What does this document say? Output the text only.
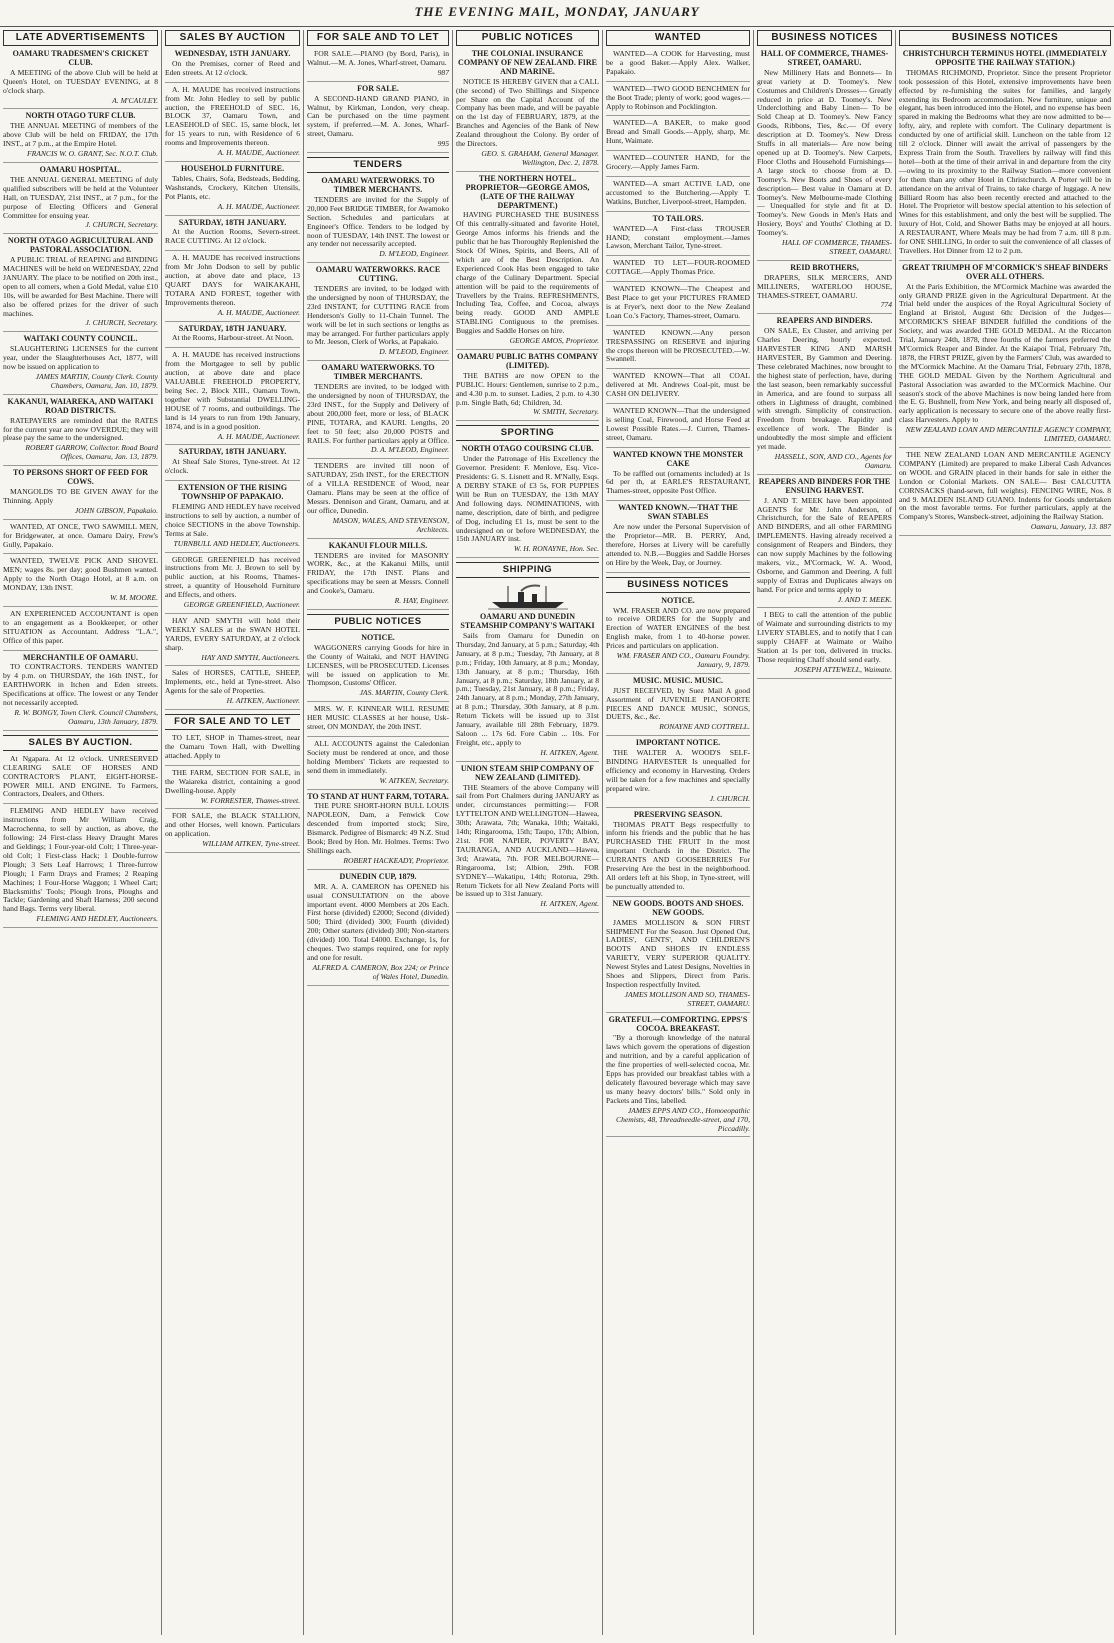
THE EVENING MAIL, MONDAY, JANUARY
LATE ADVERTISEMENTS
OAMARU TRADESMEN'S CRICKET CLUB.

A MEETING of the above Club will be held at Queen's Hotel, on TUESDAY EVENING, at 8 o'clock sharp.

A. M'CAULEY.

NORTH OTAGO TURF CLUB.

THE ANNUAL MEETING of members of the above Club will be held on FRIDAY, the 17th INST., at 7 p.m., at the Empire Hotel.

FRANCIS W. O. GRANT, Sec. N.O.T. Club.

OAMARU HOSPITAL.

THE ANNUAL GENERAL MEETING of duly qualified subscribers will be held at the Volunteer Hall, on TUESDAY, 21st INST., at 7 p.m., for the purpose of Electing Officers and General Committee for ensuing year.

J. CHURCH, Secretary.

NORTH OTAGO AGRICULTURAL AND PASTORAL ASSOCIATION.

A PUBLIC TRIAL of REAPING and BINDING MACHINES will be held on WEDNESDAY, 22nd JANUARY. The place to be notified on 20th inst., open to all comers, when a Gold Medal, value £10 10s, will be awarded for Best Machine. There will also be offered prizes for the driver of such machines.

J. CHURCH, Secretary.

WAITAKI COUNTY COUNCIL.

SLAUGHTERING LICENSES for the current year, under the Slaughterhouses Act, 1877, will now be issued on application to

JAMES MARTIN, County Clerk. County Chambers, Oamaru, Jan. 10, 1879.

KAKANUI, WAIAREKA, AND WAITAKI ROAD DISTRICTS.

RATEPAYERS are reminded that the RATES for the current year are now OVERDUE; they will please pay the same to the undersigned.

ROBERT GARROW, Collector. Road Board Offices, Oamaru, Jan. 13, 1879.

TO PERSONS SHORT OF FEED FOR COWS.

MANGOLDS TO BE GIVEN AWAY for the Thinning. Apply

JOHN GIBSON, Papakaio.

WANTED, AT ONCE, TWO SAWMILL MEN, for Bridgewater, at once. Oamaru Dairy, Frew's Gully, Papakaio.

WANTED, TWELVE PICK AND SHOVEL MEN; wages 8s. per day; good Bushmen wanted. Apply to the North Otago Hotel, at 8 a.m. on MONDAY, 13th INST.

W. M. MOORE.

AN EXPERIENCED ACCOUNTANT is open to an engagement as a Bookkeeper, or other SITUATION as Accountant. Address "L.A.", Office of this paper.

MERCHANTILE OF OAMARU.

TO CONTRACTORS. TENDERS WANTED by 4 p.m. on THURSDAY, the 16th INST., for EARTHWORK in Itchen and Eden streets. Specifications at office. The lowest or any Tender not necessarily accepted.

R. W. BONGY, Town Clerk. Council Chambers, Oamaru, 13th January, 1879.

SALES BY AUCTION.

At Ngapara. At 12 o'clock. UNRESERVED CLEARING SALE OF HORSES AND CONTRACTOR'S PLANT, EIGHT-HORSE-POWER MILL AND ENGINE. To Farmers, Contractors, Dealers, and Others.

FLEMING AND HEDLEY have received instructions from Mr William Craig, Macrochenna, to sell by auction, as above, the following: 24 First-class Heavy Draught Mares and Geldings; 1 Four-year-old Colt; 1 Three-year-old Colt; 1 First-class Hack; 1 Double-furrow Plough; 3 Sets Leaf Harrows; 1 Three-furrow Plough; 1 Farm Drays and Frames; 2 Reaping Machines; 1 Four-Horse Waggon; 1 Wheel Cart; Blacksmiths' Tools; Plough Irons, Ploughs and Tackle; Gardening and Shaft Harness; 200 second hand Bags. Terms very liberal.

FLEMING AND HEDLEY, Auctioneers.

SALES BY AUCTION
WEDNESDAY, 15TH JANUARY.

On the Premises, corner of Reed and Eden streets. At 12 o'clock.

A. H. MAUDE has received instructions from Mr. John Hedley to sell by public auction, the FREEHOLD of SEC. 16, BLOCK 37, Oamaru Town, and LEASEHOLD of SEC. 15, same block, let for 15 years to run, with Residence of 6 rooms and Improvements thereon.

A. H. MAUDE, Auctioneer.

HOUSEHOLD FURNITURE.

Tables, Chairs, Sofa, Bedsteads, Bedding, Washstands, Crockery, Kitchen Utensils, Pot Plants, etc.

A. H. MAUDE, Auctioneer.

SATURDAY, 18TH JANUARY.

At the Auction Rooms, Severn-street. RACE CUTTING. At 12 o'clock.

A. H. MAUDE has received instructions from Mr John Dodson to sell by public auction, at above date and place, 13 QUART DAYS for WAIKAKAHI, TOTARA AND FOREST, together with Improvements thereon.

A. H. MAUDE, Auctioneer.

SATURDAY, 18TH JANUARY.

At the Rooms, Harbour-street. At Noon.

A. H. MAUDE has received instructions from the Mortgagee to sell by public auction, at above date and place VALUABLE FREEHOLD PROPERTY, being Sec. 2, Block XIII., Oamaru Town, together with Substantial DWELLING-HOUSE of 7 rooms, and outbuildings. The land is 14 years to run from 19th January, 1874, and is in a good position.

A. H. MAUDE, Auctioneer.

SATURDAY, 18TH JANUARY.

At Sheaf Sale Stores, Tyne-street. At 12 o'clock.

EXTENSION OF THE RISING TOWNSHIP OF PAPAKAIO.

FLEMING AND HEDLEY have received instructions to sell by auction, a number of choice SECTIONS in the above Township. Terms at Sale.

TURNBULL AND HEDLEY, Auctioneers.

GEORGE GREENFIELD has received instructions from Mr. J. Brown to sell by public auction, at his Rooms, Thames-street, a quantity of Household Furniture and Effects, and others.

GEORGE GREENFIELD, Auctioneer.

HAY AND SMYTH will hold their WEEKLY SALES at the SWAN HOTEL YARDS, EVERY SATURDAY, at 2 o'clock sharp.

HAY AND SMYTH, Auctioneers.

Sales of HORSES, CATTLE, SHEEP, Implements, etc., held at Tyne-street. Also Agents for the sale of Properties.

H. AITKEN, Auctioneer.

FOR SALE AND TO LET

TO LET, SHOP in Thames-street, near the Oamaru Town Hall, with Dwelling attached. Apply to

THE FARM, SECTION FOR SALE, in the Waiareka district, containing a good Dwelling-house. Apply

W. FORRESTER, Thames-street.

FOR SALE, the BLACK STALLION, and other Horses, well known. Particulars on application.

WILLIAM AITKEN, Tyne-street.

FOR SALE AND TO LET

FOR SALE.—PIANO (by Bord, Paris), in Walnut.—M. A. Jones, Wharf-street, Oamaru.

987

FOR SALE.

A SECOND-HAND GRAND PIANO, in Walnut, by Kirkman, London, very cheap. Can be purchased on the time payment system, if preferred.—M. A. Jones, Wharf-street, Oamaru.

995

TENDERS
OAMARU WATERWORKS. TO TIMBER MERCHANTS.

TENDERS are invited for the Supply of 20,000 Feet BRIDGE TIMBER, for Awamoko Section. Schedules and particulars at Engineer's Office. Tenders to be lodged by noon of TUESDAY, 14th INST. The lowest or any tender not necessarily accepted.

D. M'LEOD, Engineer.

OAMARU WATERWORKS. RACE CUTTING.

TENDERS are invited, to be lodged with the undersigned by noon of THURSDAY, the 23rd INSTANT, for CUTTING RACE from Henderson's Gully to 11-Chain Tunnel. The work will be let in such sections or lengths as may be arranged. For further particulars apply to Mr. Jeeson, Clerk of Works, at Papakaio.

D. M'LEOD, Engineer.

OAMARU WATERWORKS. TO TIMBER MERCHANTS.

TENDERS are invited, to be lodged with the undersigned by noon of THURSDAY, the 23rd INST., for the Supply and Delivery of about 200,000 feet, more or less, of BLACK PINE, TOTARA, and KAURI. Lengths, 20 feet to 50 feet; also 20,000 POSTS and RAILS. For further particulars apply at Office.

D. A. M'LEOD, Engineer.

TENDERS are invited till noon of SATURDAY, 25th INST., for the ERECTION of a VILLA RESIDENCE of Wood, near Oamaru. Plans may be seen at the office of Messrs. Dennison and Grant, Oamaru, and at our office, Dunedin.

MASON, WALES, AND STEVENSON, Architects.

KAKANUI FLOUR MILLS.

TENDERS are invited for MASONRY WORK, &c., at the Kakanui Mills, until FRIDAY, the 17th INST. Plans and specifications may be seen at Messrs. Connell and Cooke's, Oamaru.

R. HAY, Engineer.

PUBLIC NOTICES
NOTICE.

WAGGONERS carrying Goods for hire in the County of Waitaki, and NOT HAVING LICENSES, will be PROSECUTED. Licenses will be issued on application to Mr. Thompson, Customs' Officer.

JAS. MARTIN, County Clerk.

MRS. W. F. KINNEAR WILL RESUME HER MUSIC CLASSES at her house, Usk-street, ON MONDAY, the 20th INST.

ALL ACCOUNTS against the Caledonian Society must be rendered at once, and those holding Members' Tickets are requested to send them in immediately.

W. AITKEN, Secretary.

TO STAND AT HUNT FARM, TOTARA.

THE PURE SHORT-HORN BULL LOUIS NAPOLEON, Dam, a Fenwick Cow descended from imported stock; Sire, Bismarck. Pedigree of Bismarck: 49 N.Z. Stud Book; Bred by Hon. Mr. Holmes. Terms: Two Shillings each.

ROBERT HACKEADY, Proprietor.

DUNEDIN CUP, 1879.

MR. A. A. CAMERON has OPENED his usual CONSULTATION on the above important event. 4000 Members at 20s Each. First horse (divided) £2000; Second (divided) 500; Third (divided) 300; Fourth (divided) 200; Other starters (divided) 300; Non-starters (divided) 100. Total £4000. Exchange, 1s, for cheques. Two stamps required, one for reply and one for result.

ALFRED A. CAMERON, Box 224; or Prince of Wales Hotel, Dunedin.

PUBLIC NOTICES
THE COLONIAL INSURANCE COMPANY OF NEW ZEALAND. FIRE AND MARINE.

NOTICE IS HEREBY GIVEN that a CALL (the second) of Two Shillings and Sixpence per Share on the Capital Account of the Company has been made, and will be payable on the 1st day of FEBRUARY, 1879, at the Branches and Agencies of the Bank of New Zealand throughout the Colony. By order of the Directors.

GEO. S. GRAHAM, General Manager. Wellington, Dec. 2, 1878.

THE NORTHERN HOTEL. PROPRIETOR—GEORGE AMOS, (LATE OF THE RAILWAY DEPARTMENT.)

HAVING PURCHASED THE BUSINESS Of this centrally-situated and favorite Hotel, George Amos informs his friends and the public that he has Thoroughly Replenished the Stock Of Wines, Spirits, and Beers, All of which are of the Best Description. An Experienced Cook Has been engaged to take charge of the Culinary Department. Special attention will be paid to the requirements of Travellers by the Trains. REFRESHMENTS, Including Tea, Coffee, and Cocoa, always being ready. GOOD AND AMPLE STABLING Contiguous to the premises. Buggies and Saddle Horses on hire.

GEORGE AMOS, Proprietor.

OAMARU PUBLIC BATHS COMPANY (LIMITED).

THE BATHS are now OPEN to the PUBLIC. Hours: Gentlemen, sunrise to 2 p.m., and 4.30 p.m. to sunset. Ladies, 2 p.m. to 4.30 p.m. Single Bath, 6d; Children, 3d.

W. SMITH, Secretary.

SPORTING
NORTH OTAGO COURSING CLUB.

Under the Patronage of His Excellency the Governor. President: F. Menlove, Esq. Vice-Presidents: G. S. Lisnett and R. M'Nally, Esqs. A DERBY STAKE of £3 5s, FOR PUPPIES Will be Run on TUESDAY, the 13th MAY And following days. NOMINATIONS, with name, description, date of birth, and pedigree of Dog, including £1 1s, must be sent to the undersigned on or before WEDNESDAY, the 15th JANUARY inst.

W. H. RONAYNE, Hon. Sec.

SHIPPING
OAMARU AND DUNEDIN STEAMSHIP COMPANY'S WAITAKI

Sails from Oamaru for Dunedin on Thursday, 2nd January, at 5 p.m.; Saturday, 4th January, at 8 p.m.; Tuesday, 7th January, at 8 p.m.; Friday, 10th January, at 8 p.m.; Monday, 13th January, at 8 p.m.; Thursday, 16th January, at 8 p.m.; Saturday, 18th January, at 8 p.m.; Tuesday, 21st January, at 8 p.m.; Friday, 24th January, at 8 p.m.; Monday, 27th January, at 8 p.m.; Thursday, 30th January, at 8 p.m. Return Tickets will be issued up to 31st January, available till 28th February, 1879. Saloon ... 17s 6d. Fore Cabin ... 10s. For Freight, etc., apply to

H. AITKEN, Agent.

UNION STEAM SHIP COMPANY OF NEW ZEALAND (LIMITED).

THE Steamers of the above Company will sail from Port Chalmers during JANUARY as under, circumstances permitting:— FOR LYTTELTON AND WELLINGTON—Hawea, 30th; Arawata, 7th; Wanaka, 10th; Waitaki, 14th; Ringarooma, 15th; Taupo, 17th; Albion, 21st. FOR NAPIER, POVERTY BAY, TAURANGA, AND AUCKLAND—Hawea, 3rd; Arawata, 7th. FOR MELBOURNE—Ringarooma, 1st; Albion, 29th. FOR SYDNEY—Wakatipu, 14th; Rotorua, 29th. Return Tickets for all New Zealand Ports will be issued up to 31st January.

H. AITKEN, Agent.

WANTED

WANTED—A COOK for Harvesting, must be a good Baker.—Apply Alex. Walker, Papakaio.

WANTED—TWO GOOD BENCHMEN for the Boot Trade; plenty of work; good wages.—Apply to Robinson and Pocklington.

WANTED—A BAKER, to make good Bread and Small Goods.—Apply, sharp, Mr. Hunt, Waimate.

WANTED—COUNTER HAND, for the Grocery.—Apply James Farm.

WANTED—A smart ACTIVE LAD, one accustomed to the Butchering.—Apply T. Watkins, Butcher, Liverpool-street, Hampden.

TO TAILORS.

WANTED—A First-class TROUSER HAND; constant employment.—James Lawson, Merchant Tailor, Tyne-street.

WANTED TO LET—FOUR-ROOMED COTTAGE.—Apply Thomas Price.

WANTED KNOWN—The Cheapest and Best Place to get your PICTURES FRAMED is at Fryer's, next door to the New Zealand Loan Co.'s Factory, Thames-street, Oamaru.

WANTED KNOWN.—Any person TRESPASSING on RESERVE and injuring the crops thereon will be PROSECUTED.—W. Swannell.

WANTED KNOWN—That all COAL delivered at Mt. Andrews Coal-pit, must be CASH ON DELIVERY.

WANTED KNOWN—That the undersigned is selling Coal, Firewood, and Horse Feed at Lowest Possible Rates.—J. Curren, Thames-street, Oamaru.

WANTED KNOWN THE MONSTER CAKE

To be raffled out (ornaments included) at 1s 6d per th, at EARLE'S RESTAURANT, Thames-street, opposite Post Office.

WANTED KNOWN.—THAT THE SWAN STABLES

Are now under the Personal Supervision of the Proprietor—MR. B. PERRY, And, therefore, Horses at Livery will be carefully attended to. N.B.—Buggies and Saddle Horses on Hire by the Week, Day, or Journey.

BUSINESS NOTICES
NOTICE.

WM. FRASER AND CO. are now prepared to receive ORDERS for the Supply and Erection of WATER ENGINES of the best English make, from 1 to 40-horse power. Prices and particulars on application.

WM. FRASER AND CO., Oamaru Foundry. January, 9, 1879.

MUSIC. MUSIC. MUSIC.

JUST RECEIVED, by Suez Mail A good Assortment of JUVENILE PIANOFORTE PIECES AND DANCE MUSIC, SONGS, DUETS, &c., &c.

RONAYNE AND COTTRELL.

IMPORTANT NOTICE.

THE WALTER A. WOOD'S SELF-BINDING HARVESTER Is unequalled for efficiency and economy in Harvesting. Orders will be taken for a few machines and specially prepared wire.

J. CHURCH.

PRESERVING SEASON.

THOMAS PRATT Begs respectfully to inform his friends and the public that he has PURCHASED THE FRUIT In the most important Orchards in the District. The CURRANTS AND GOOSEBERRIES For Preserving Are the best in the neighborhood. All orders left at his Shop, in Tyne-street, will be punctually attended to.

NEW GOODS. BOOTS AND SHOES. NEW GOODS.

JAMES MOLLISON & SON FIRST SHIPMENT For the Season. Just Opened Out, LADIES', GENTS', AND CHILDREN'S BOOTS AND SHOES IN ENDLESS VARIETY, VERY SUPERIOR QUALITY. Newest Styles and Latest Designs, Novelties in Shoes and Slippers, Direct from Paris. Inspection respectfully Invited.

JAMES MOLLISON AND SO, THAMES-STREET, OAMARU.

GRATEFUL—COMFORTING. EPPS'S COCOA. BREAKFAST.

"By a thorough knowledge of the natural laws which govern the operations of digestion and nutrition, and by a careful application of the fine properties of well-selected cocoa, Mr. Epps has provided our breakfast tables with a delicately flavoured beverage which may save us many heavy doctors' bills." Sold only in Packets and Tins, labelled.

JAMES EPPS AND CO., Homoeopathic Chemists, 48, Threadneedle-street, and 170, Piccadilly.

BUSINESS NOTICES
HALL OF COMMERCE, THAMES-STREET, OAMARU.

New Millinery Hats and Bonnets— In great variety at D. Toomey's. New Costumes and Children's Dresses— Greatly reduced in price at D. Toomey's. New Underclothing and Baby Linen— To be Sold Cheap at D. Toomey's. New Fancy Goods, Ribbons, Ties, &c.— Of every description at D. Toomey's. New Dress Stuffs in all materials— Are now being opened up at D. Toomey's. New Carpets, Floor Cloths and Household Furnishings— A large stock to choose from at D. Toomey's. New Boots and Shoes of every description— Best value in Oamaru at D. Toomey's. New Melbourne-made Clothing— Unequalled for style and fit at D. Toomey's. New Goods in Men's Hats and Hosiery, Boys' and Youths' Clothing at D. Toomey's.

HALL OF COMMERCE, THAMES-STREET, OAMARU.

REID BROTHERS,

DRAPERS, SILK MERCERS, AND MILLINERS, WATERLOO HOUSE, THAMES-STREET, OAMARU.

774

REAPERS AND BINDERS.

ON SALE, Ex Cluster, and arriving per Charles Deering, hourly expected. HARVESTER KING AND MARSH HARVESTER, By Gammon and Deering. These celebrated Machines, now brought to the highest state of perfection, have, during the last season, been remarkably successful in America, and are found to surpass all others in Lightness of draught, combined with strength. Simplicity of construction. Freedom from breakage. Rapidity and excellence of work. The Binder is undoubtedly the most simple and efficient yet made.

HASSELL, SON, AND CO., Agents for Oamaru.

REAPERS AND BINDERS FOR THE ENSUING HARVEST.

J. AND T. MEEK have been appointed AGENTS for Mr. John Anderson, of Christchurch, for the Sale of REAPERS AND BINDERS, and all other FARMING IMPLEMENTS. Having already received a consignment of Reapers and Binders, they can now supply Machines by the following makers, viz., M'Cormack, W. A. Wood, Osborne, and Gammon and Deering. A full supply of Extras and Duplicates always on hand. For price and terms apply to

J. AND T. MEEK.

I BEG to call the attention of the public of Waimate and surrounding districts to my LIVERY STABLES, and to notify that I can supply CHAFF at Waimate or Waiho Station at 1s per ton, delivered in trucks. Those requiring Chaff should send early.

JOSEPH ATTEWELL, Waimate.

BUSINESS NOTICES
CHRISTCHURCH TERMINUS HOTEL (IMMEDIATELY OPPOSITE THE RAILWAY STATION.)

THOMAS RICHMOND, Proprietor. Since the present Proprietor took possession of this Hotel, extensive improvements have been effected by re-furnishing the suites for families, and largely extending its Bedroom accommodation. New furniture, unique and elegant, has been introduced into the Hotel, and no expense has been spared in making the Bedrooms what they are now admitted to be—lofty, airy, and replete with comfort. The Culinary department is conducted by one of artificial skill. Luncheon on the table from 12 till 2 o'clock. Dinner will await the arrival of passengers by the Express Train from the South. Travellers by railway will find this hotel—both at the time of their arrival in and departure from the city—owing to its proximity to the Railway Station—more convenient for them than any other Hotel in Christchurch. A Porter will be in attendance on the arrival of Trains, to take charge of luggage. A new Billiard Room has also been recently erected and attached to the Hotel. The Proprietor will bestow special attention to his selection of Wines for this establishment, and only the best will be supplied. The luxury of Hot, Cold, and Shower Baths may be enjoyed at all hours. A RESTAURANT, Where Meals may be had from 7 a.m. till 8 p.m. for ONE SHILLING, In order to suit the convenience of all classes of Travellers. Hot Dinner from 12 to 2 p.m.

GREAT TRIUMPH OF M'CORMICK'S SHEAF BINDERS OVER ALL OTHERS.

At the Paris Exhibition, the M'Cormick Machine was awarded the only GRAND PRIZE given in the Agricultural Department. At the Trial held under the auspices of the Royal Agricultural Society of England at Bristol, August 6th: Decision of the Judges—M'CORMICK'S SHEAF BINDER fulfilled the conditions of the Society, and was awarded THE GOLD MEDAL. At the Riccarton Trial, January 24th, 1878, three fourths of the farmers preferred the M'Cormick Reaper and Binder. At the Kaiapoi Trial, February 7th, 1878, the FIRST PRIZE, given by the Farmers' Club, was awarded to the M'Cormick Machine. At the Oamaru Trial, February 27th, 1878, THE GOLD MEDAL Given by the Northern Agricultural and Pastoral Association was awarded to the M'Cormick Machine. Our season's stock of the above Machines is now being landed here from the E. G. Bushnell, from New York, and being nearly all disposed of, early application is necessary to secure one of the above really first-class Harvesters. Apply to

NEW ZEALAND LOAN AND MERCANTILE AGENCY COMPANY, LIMITED, OAMARU.

THE NEW ZEALAND LOAN AND MERCANTILE AGENCY COMPANY (Limited) are prepared to make Liberal Cash Advances on WOOL and GRAIN placed in their hands for sale in either the London or Colonial Markets. ON SALE— Best CALCUTTA CORNSACKS (hand-sewn, full weights). FENCING WIRE, Nos. 8 and 9. MALDEN ISLAND GUANO. Indents for Goods undertaken on the most favorable terms. For further particulars, apply at the Company's Stores, Wansbeck-street, adjoining the Railway Station.

Oamaru, January, 13. 887
